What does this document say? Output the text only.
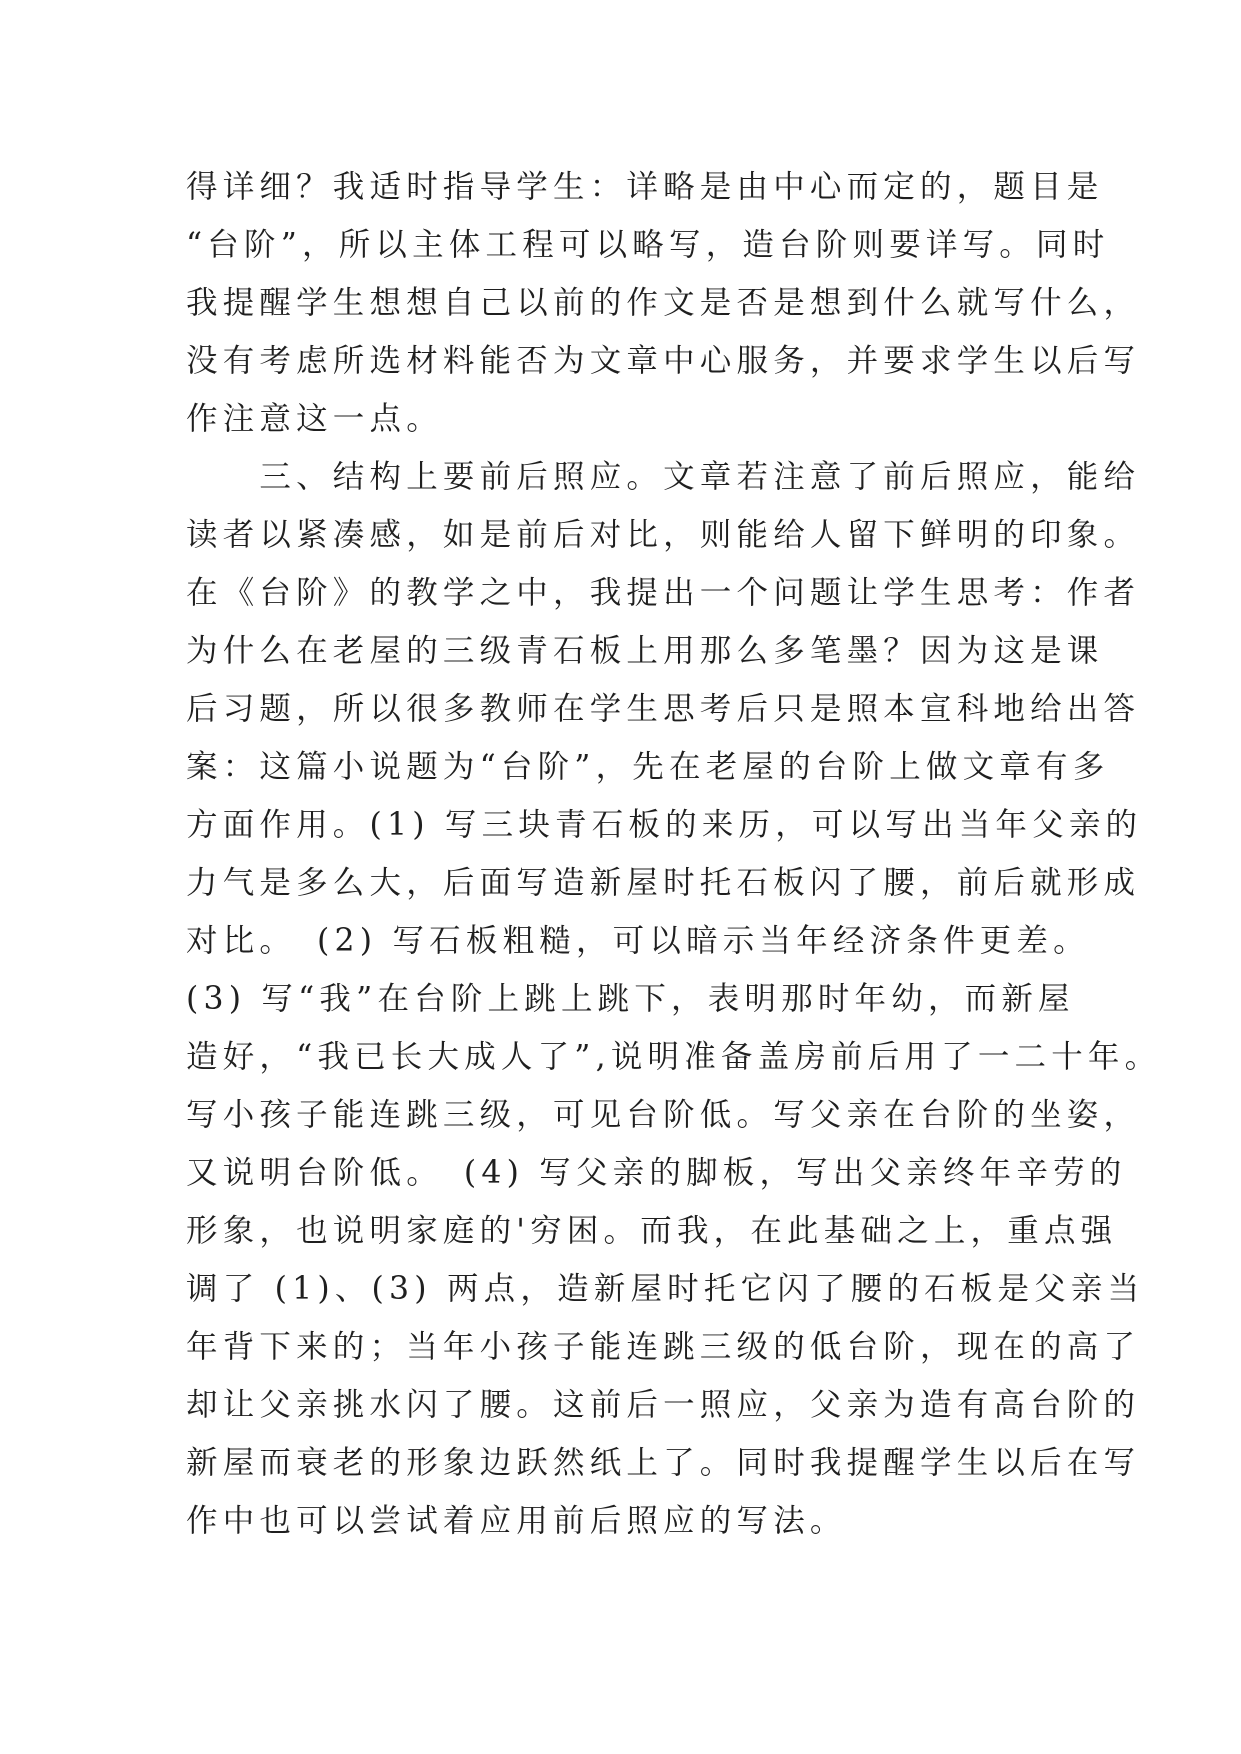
得详细？我适时指导学生：详略是由中心而定的，题目是
“台阶”，所以主体工程可以略写，造台阶则要详写。同时
我提醒学生想想自己以前的作文是否是想到什么就写什么，
没有考虑所选材料能否为文章中心服务，并要求学生以后写
作注意这一点。
　　三、结构上要前后照应。文章若注意了前后照应，能给
读者以紧凑感，如是前后对比，则能给人留下鲜明的印象。
在《台阶》的教学之中，我提出一个问题让学生思考：作者
为什么在老屋的三级青石板上用那么多笔墨？因为这是课
后习题，所以很多教师在学生思考后只是照本宣科地给出答
案：这篇小说题为“台阶”，先在老屋的台阶上做文章有多
方面作用。(1) 写三块青石板的来历，可以写出当年父亲的
力气是多么大，后面写造新屋时托石板闪了腰，前后就形成
对比。　(2) 写石板粗糙，可以暗示当年经济条件更差。
(3) 写“我”在台阶上跳上跳下，表明那时年幼，而新屋
造好，“我已长大成人了”,说明准备盖房前后用了一二十年。
写小孩子能连跳三级，可见台阶低。写父亲在台阶的坐姿，
又说明台阶低。　(4) 写父亲的脚板，写出父亲终年辛劳的
形象，也说明家庭的'穷困。而我，在此基础之上，重点强
调了 (1)、(3) 两点，造新屋时托它闪了腰的石板是父亲当
年背下来的；当年小孩子能连跳三级的低台阶，现在的高了
却让父亲挑水闪了腰。这前后一照应，父亲为造有高台阶的
新屋而衰老的形象边跃然纸上了。同时我提醒学生以后在写
作中也可以尝试着应用前后照应的写法。
